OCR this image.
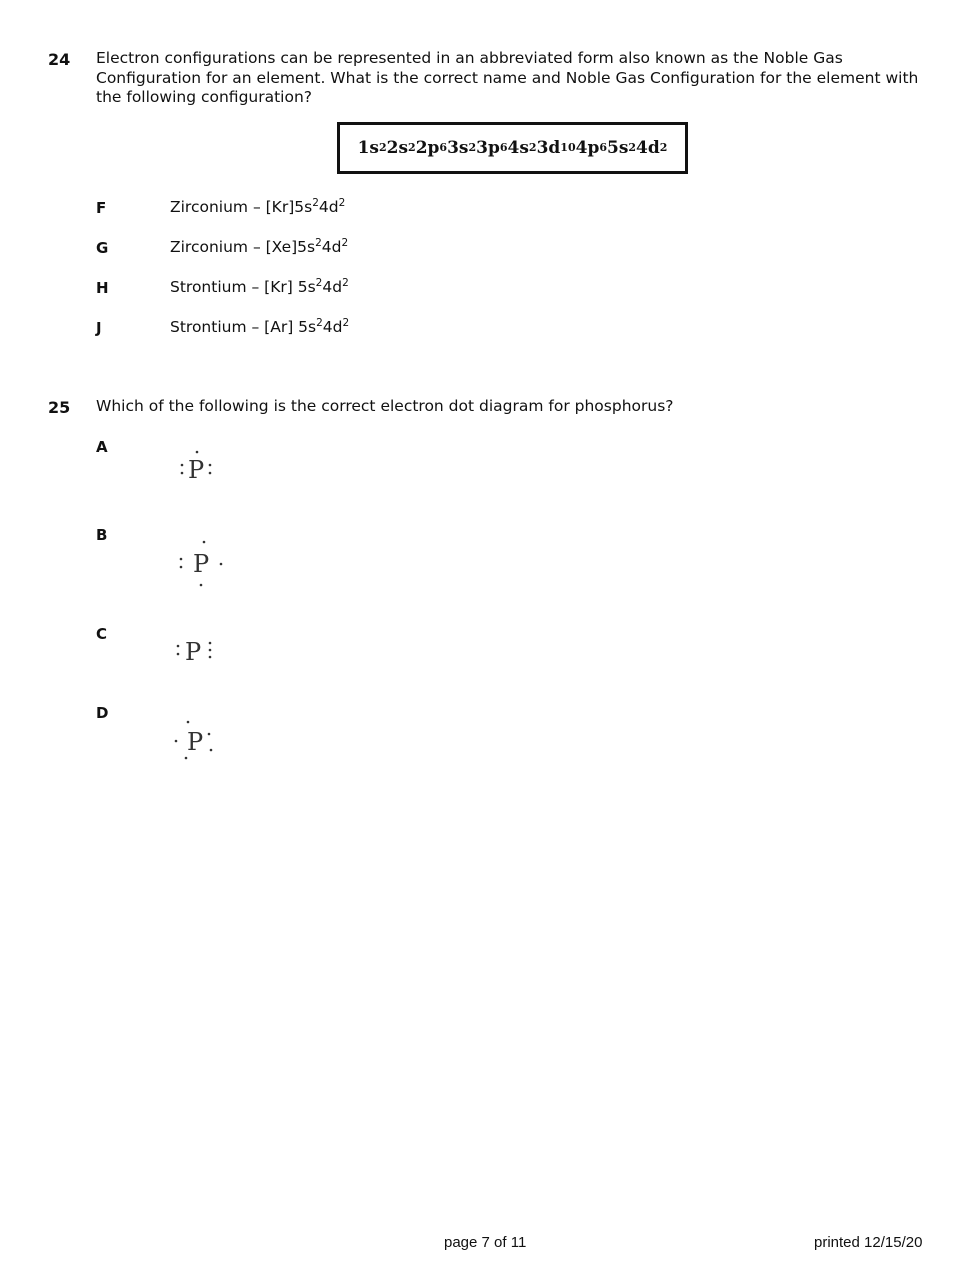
24 Electron configurations can be represented in an abbreviated form also known as the Noble Gas Configuration for an element. What is the correct name and Noble Gas Configuration for the element with the following configuration?
1s 2 2s 2 2p 6 3s 2 3p 6 4s 2 3d 10 4p 6 5s 2 4d 2
F	Zirconium – $[Kr]5s^24d^2$
G	Zirconium – $[Xe]5s^24d^2$
H	Strontium – [Kr] $5s^24d^2$
J	Strontium – [Ar] $5s^24d^2$
25 Which of the following is the correct electron dot diagram for phosphorus?
A
P
B
P
C
P
D
P
page 7 of 11	printed 12/15/20
